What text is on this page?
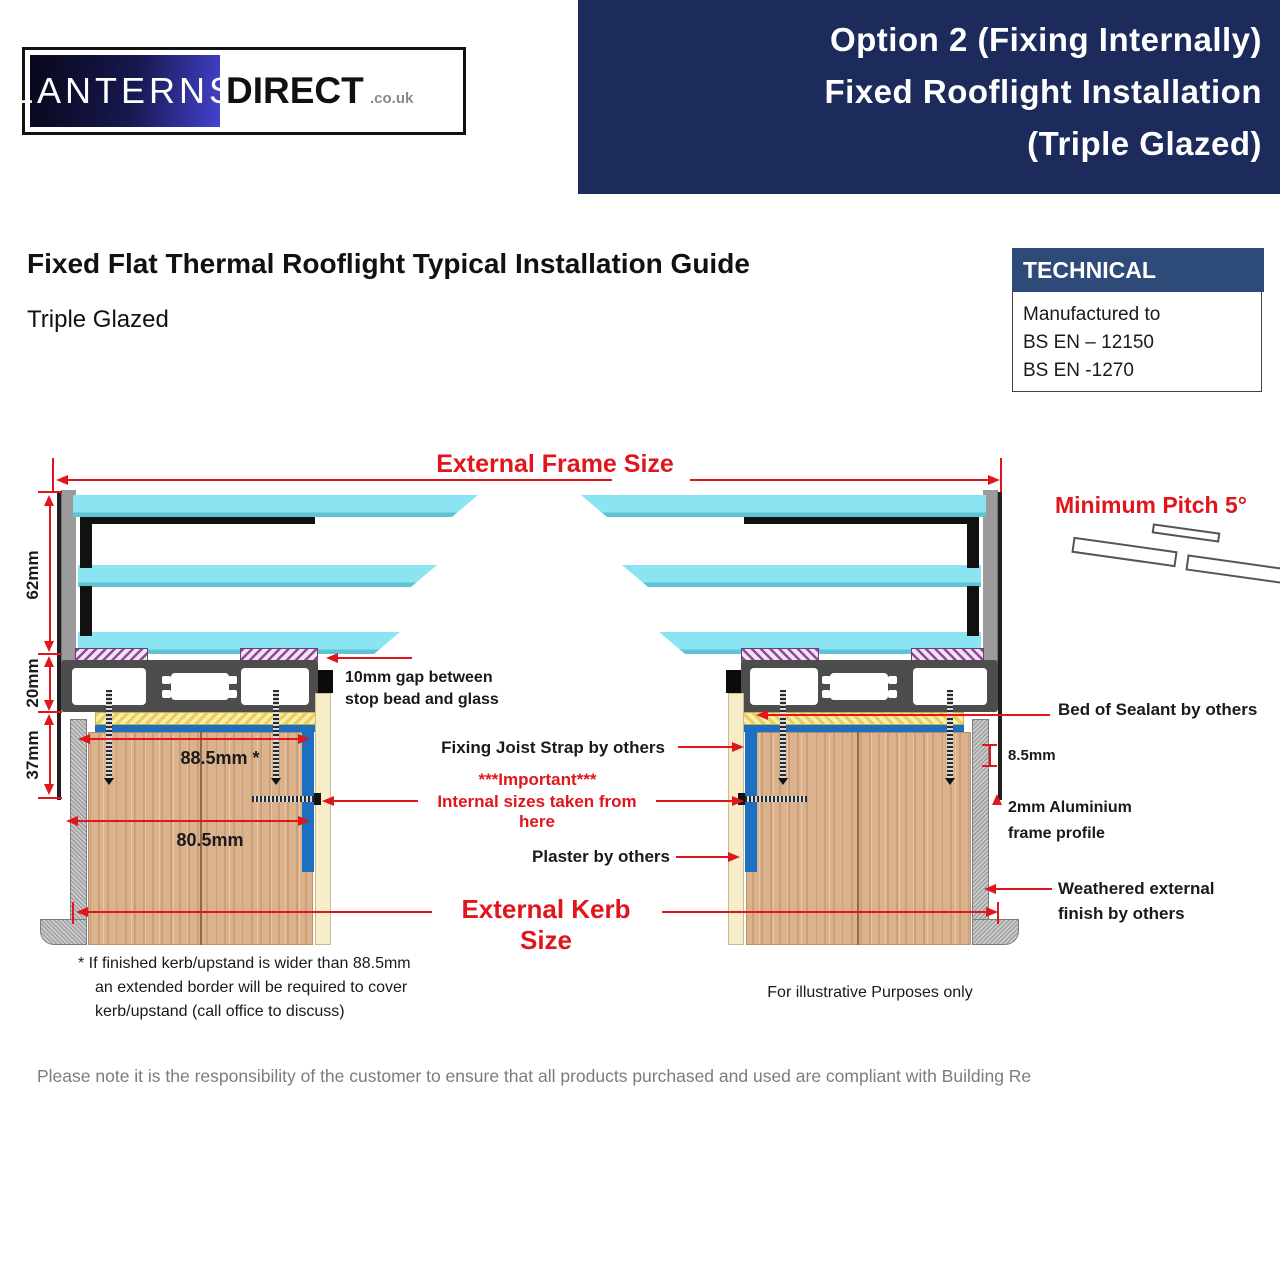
Option 2 (Fixing Internally)
Fixed Rooflight Installation
(Triple Glazed)
LANTERNS
DIRECT .co.uk
Fixed Flat Thermal Rooflight Typical Installation Guide
Triple Glazed
TECHNICAL
Manufactured to
BS EN – 12150
BS EN -1270
External Frame Size
62mm
20mm
37mm	88.5mm *
80.5mm
External Kerb Size
10mm gap between
stop bead and glass
Fixing Joist Strap by others
***Important***
Internal sizes taken from here
Plaster by others
Minimum Pitch 5°
Bed of Sealant by others
8.5mm
2mm Aluminium
frame profile
Weathered external
finish by others
* If finished kerb/upstand is wider than 88.5mm
an extended border will be required to cover
kerb/upstand (call office to discuss)
For illustrative Purposes only
Please note it is the responsibility of the customer to ensure that all products purchased and used are compliant with Building Re
